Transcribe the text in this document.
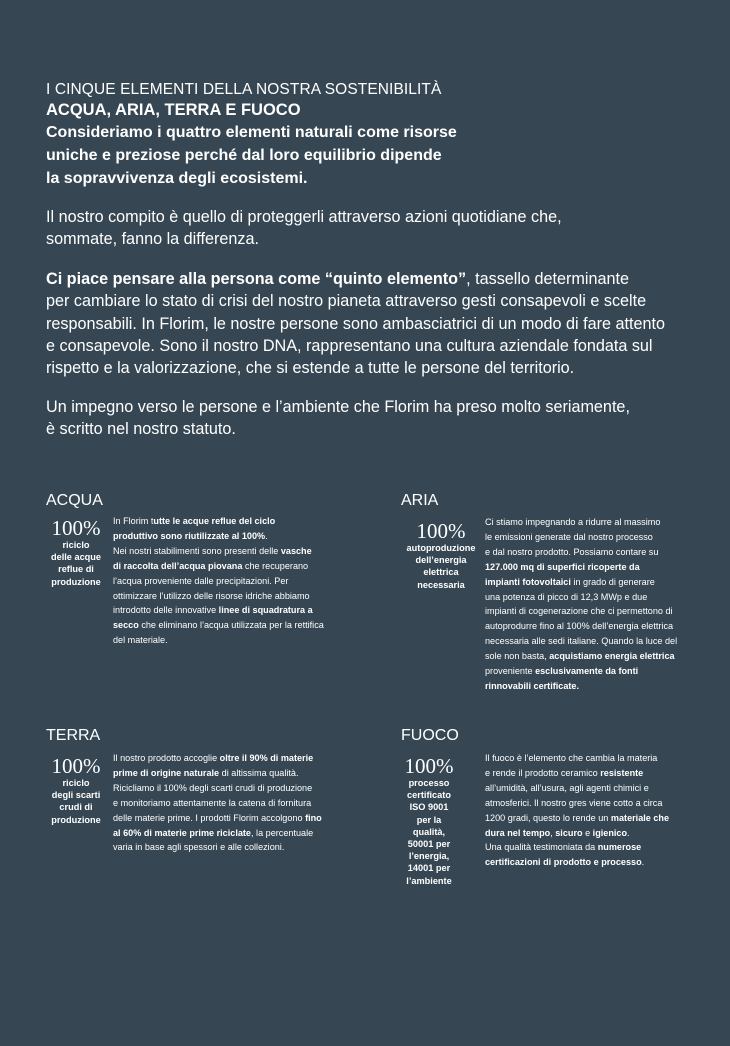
I CINQUE ELEMENTI DELLA NOSTRA SOSTENIBILITÀ
ACQUA, ARIA, TERRA E FUOCO
Consideriamo i quattro elementi naturali come risorse
uniche e preziose perché dal loro equilibrio dipende
la sopravvivenza degli ecosistemi.
Il nostro compito è quello di proteggerli attraverso azioni quotidiane che,
sommate, fanno la differenza.
Ci piace pensare alla persona come “quinto elemento”, tassello determinante
per cambiare lo stato di crisi del nostro pianeta attraverso gesti consapevoli e scelte
responsabili. In Florim, le nostre persone sono ambasciatrici di un modo di fare attento
e consapevole. Sono il nostro DNA, rappresentano una cultura aziendale fondata sul
rispetto e la valorizzazione, che si estende a tutte le persone del territorio.
Un impegno verso le persone e l’ambiente che Florim ha preso molto seriamente,
è scritto nel nostro statuto.
ACQUA
100%
riciclo
delle acque
reflue di
produzione
In Florim tutte le acque reflue del ciclo
produttivo sono riutilizzate al 100%.
Nei nostri stabilimenti sono presenti delle vasche
di raccolta dell’acqua piovana che recuperano
l’acqua proveniente dalle precipitazioni. Per
ottimizzare l’utilizzo delle risorse idriche abbiamo
introdotto delle innovative linee di squadratura a
secco che eliminano l’acqua utilizzata per la rettifica
del materiale.
ARIA
100%
autoproduzione
dell’energia
elettrica
necessaria
Ci stiamo impegnando a ridurre al massimo
le emissioni generate dal nostro processo
e dal nostro prodotto. Possiamo contare su
127.000 mq di superfici ricoperte da
impianti fotovoltaici in grado di generare
una potenza di picco di 12,3 MWp e due
impianti di cogenerazione che ci permettono di
autoprodurre fino al 100% dell’energia elettrica
necessaria alle sedi italiane. Quando la luce del
sole non basta, acquistiamo energia elettrica
proveniente esclusivamente da fonti
rinnovabili certificate.
TERRA
100%
riciclo
degli scarti
crudi di
produzione
Il nostro prodotto accoglie oltre il 90% di materie
prime di origine naturale di altissima qualità.
Ricicliamo il 100% degli scarti crudi di produzione
e monitoriamo attentamente la catena di fornitura
delle materie prime. I prodotti Florim accolgono fino
al 60% di materie prime riciclate, la percentuale
varia in base agli spessori e alle collezioni.
FUOCO
100%
processo
certificato
ISO 9001
per la
qualità,
50001 per
l’energia,
14001 per
l’ambiente
Il fuoco è l’elemento che cambia la materia
e rende il prodotto ceramico resistente
all’umidità, all’usura, agli agenti chimici e
atmosferici. Il nostro gres viene cotto a circa
1200 gradi, questo lo rende un materiale che
dura nel tempo, sicuro e igienico.
Una qualità testimoniata da numerose
certificazioni di prodotto e processo.
